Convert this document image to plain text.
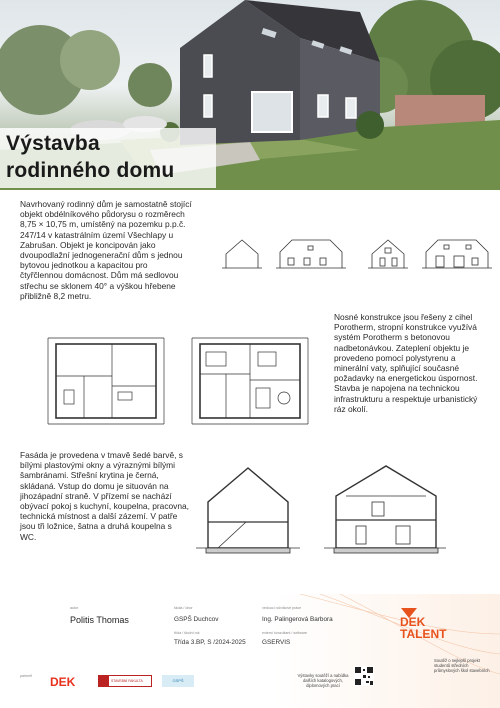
Výstavba
rodinného domu
Navrhovaný rodinný dům je samostatně stojící objekt obdélníkového půdorysu o rozměrech 8,75 × 10,75 m, umístěný na pozemku p.p.č. 247/14 v katastrálním území Všechlapy u Zabrušan. Objekt je koncipován jako dvoupodlažní jednogenerační dům s jednou bytovou jednotkou a kapacitou pro čtyřčlennou domácnost. Dům má sedlovou střechu se sklonem 40° a výškou hřebene přibližně 8,2 metru.
Nosné konstrukce jsou řešeny z cihel Porotherm, stropní konstrukce využívá systém Porotherm s betonovou nadbetonávkou. Zateplení objektu je provedeno pomocí polystyrenu a minerální vaty, splňující současné požadavky na energetickou úspornost. Stavba je napojena na technickou infrastrukturu a respektuje urbanistický ráz okolí.
Fasáda je provedena v tmavě šedé barvě, s bílými plastovými okny a výraznými bílými šambránami. Střešní krytina je černá, skládaná. Vstup do domu je situován na jihozápadní straně. V přízemí se nachází obývací pokoj s kuchyní, koupelna, pracovna, technická místnost a další zázemí. V patře jsou tři ložnice, šatna a druhá koupelna s WC.
autor
Politis Thomas
škola / obor
GSPŠ Duchcov
třída / školní rok
Třída 3.BP, S /2024-2025
vedoucí ročníkové práce
Ing. Palingerová Barbora
externí konzultant / software
GSERVIS
DEK
TALENT
Soutěž o nejlepší projekt studentů středních průmyslových škol stavebních
partneři DEK	STAVEBNÍ FAKULTA	GSPŠ
Výstavky soutěží a nabídka dalších katalogových, diplomových prací
